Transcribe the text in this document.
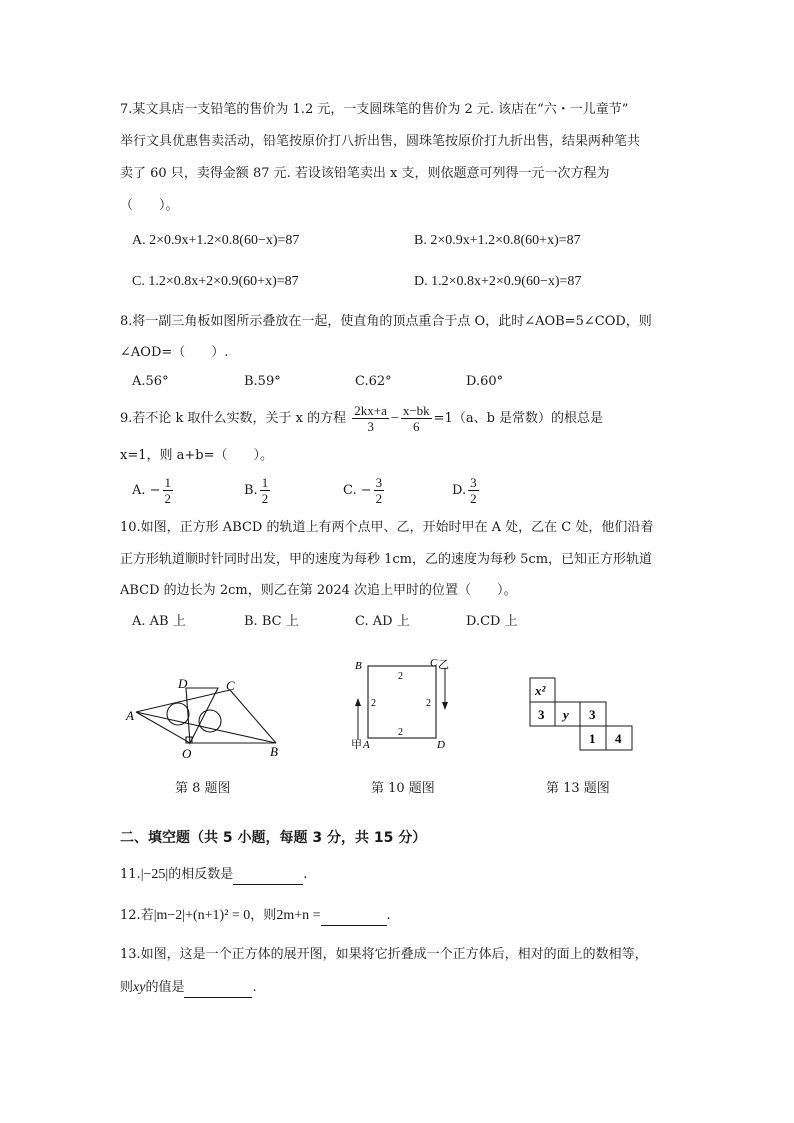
7.某文具店一支铅笔的售价为 1.2 元，一支圆珠笔的售价为 2 元. 该店在“六・一儿童节”
举行文具优惠售卖活动，铅笔按原价打八折出售，圆珠笔按原价打九折出售，结果两种笔共
卖了 60 只，卖得金额 87 元. 若设该铅笔卖出 x 支，则依题意可列得一元一次方程为
（　　）。
A. 2×0.9x+1.2×0.8(60−x)=87	B. 2×0.9x+1.2×0.8(60+x)=87
C. 1.2×0.8x+2×0.9(60+x)=87	D. 1.2×0.8x+2×0.9(60−x)=87
8.将一副三角板如图所示叠放在一起，使直角的顶点重合于点 O，此时∠AOB=5∠COD，则
∠AOD=（　　）.
A.56°	B.59°	C.62°	D.60°
9.若不论 k 取什么实数，关于 x 的方程 $\frac{2kx+a}{3} - \frac{x-bk}{6} =1(a$、b 是常数）的根总是
x=1，则 a+b=（　　）。
A. − $\frac{1}{2}$	B. $\frac{1}{2}$	C. − $\frac{3}{2}$	D. $\frac{3}{2}$
10.如图，正方形 ABCD 的轨道上有两个点甲、乙，开始时甲在 A 处，乙在 C 处，他们沿着
正方形轨道顺时针同时出发，甲的速度为每秒 1cm，乙的速度为每秒 5cm，已知正方形轨道
ABCD 的边长为 2cm，则乙在第 2024 次追上甲时的位置（　　）。
A. AB 上	B. BC 上	C. AD 上	D.CD 上
A
B
C
D
O
B	C 乙
A
甲	D
2
2
2	2
x²
3 y 3
1 4
第 8 题图	第 10 题图	第 13 题图
二、填空题（共 5 小题，每题 3 分，共 15 分）
11.|−25|的相反数是	.
12.若|m−2|+(n+1)² = 0，则2m+n =	.
13.如图，这是一个正方体的展开图，如果将它折叠成一个正方体后，相对的面上的数相等，
则xy的值是	.
